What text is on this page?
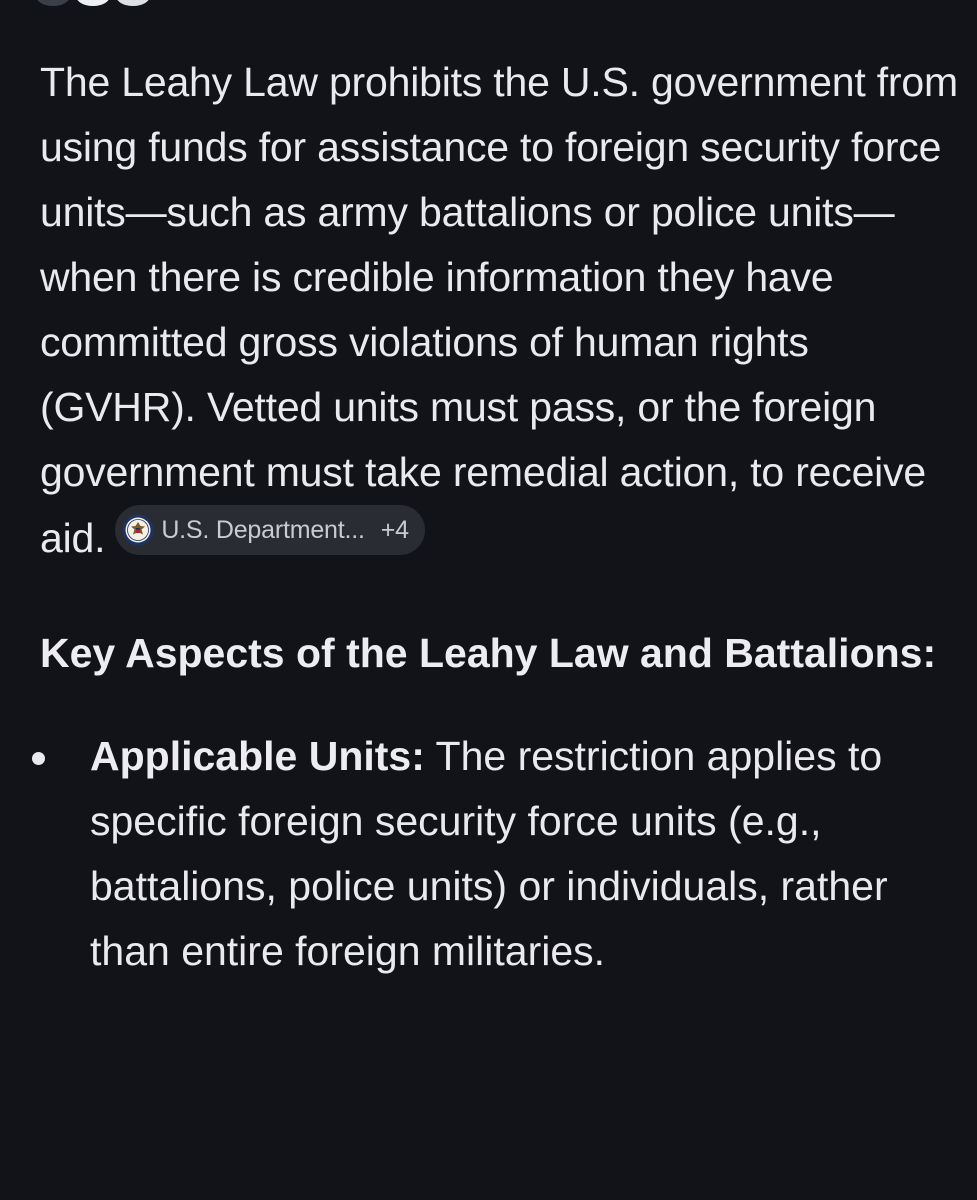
The Leahy Law prohibits the U.S. government from using funds for assistance to foreign security force units—such as army battalions or police units—when there is credible information they have committed gross violations of human rights (GVHR). Vetted units must pass, or the foreign government must take remedial action, to receive aid. U.S. Department... +4

Key Aspects of the Leahy Law and Battalions:
Applicable Units: The restriction applies to specific foreign security force units (e.g., battalions, police units) or individuals, rather than entire foreign militaries.
